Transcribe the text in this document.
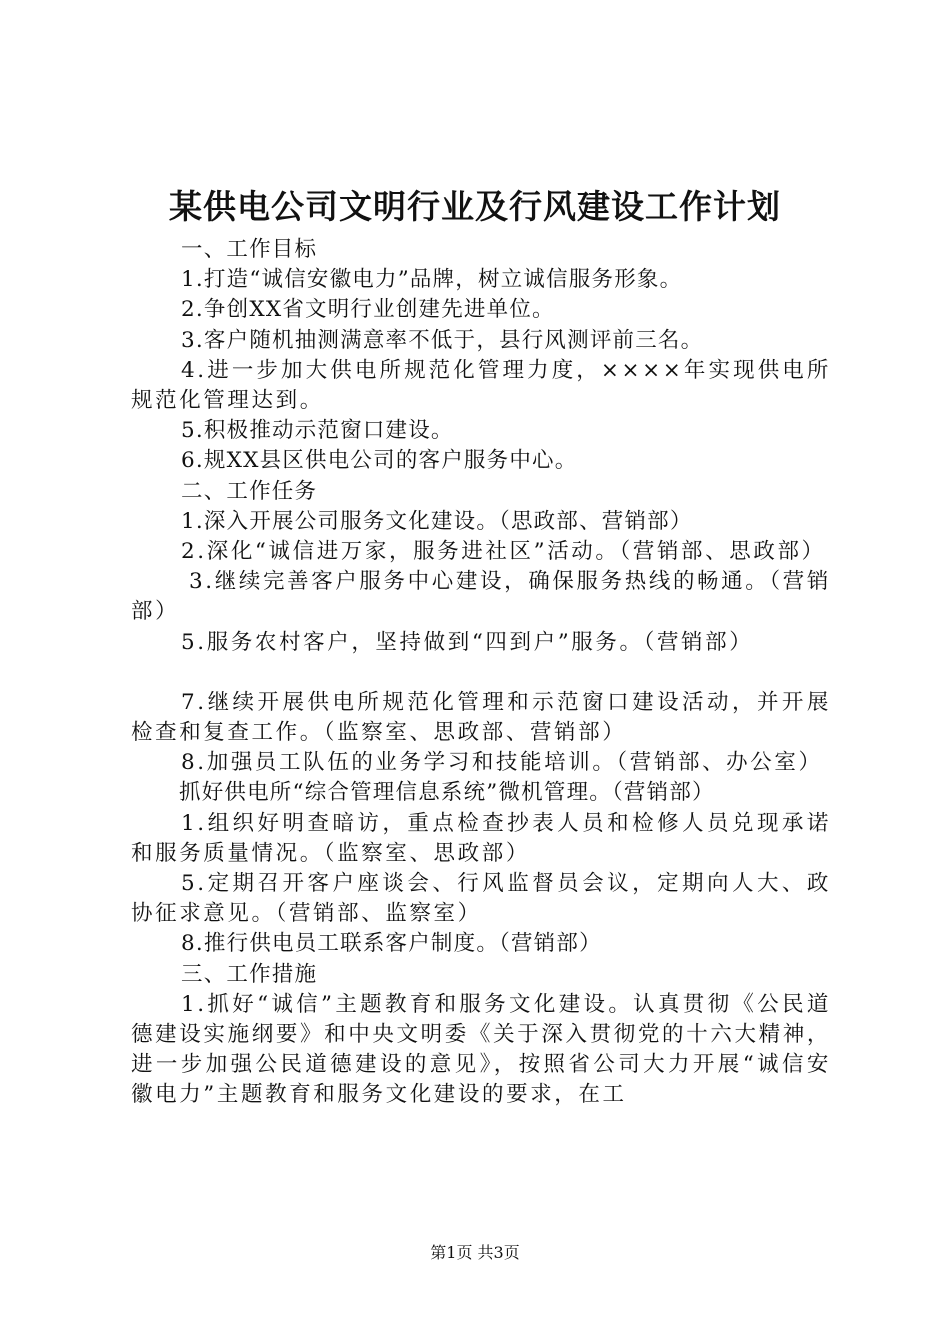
某供电公司文明行业及行风建设工作计划

一、工作目标

1.打造“诚信安徽电力”品牌，树立诚信服务形象。

2.争创XX省文明行业创建先进单位。

3.客户随机抽测满意率不低于，县行风测评前三名。

4.进一步加大供电所规范化管理力度，××××年实现供电所规范化管理达到。

5.积极推动示范窗口建设。

6.规XX县区供电公司的客户服务中心。

二、工作任务

1.深入开展公司服务文化建设。（思政部、营销部）

2.深化“诚信进万家，服务进社区”活动。（营销部、思政部）

3.继续完善客户服务中心建设，确保服务热线的畅通。（营销部）

5.服务农村客户，坚持做到“四到户”服务。（营销部）

7.继续开展供电所规范化管理和示范窗口建设活动，并开展检查和复查工作。（监察室、思政部、营销部）

8.加强员工队伍的业务学习和技能培训。（营销部、办公室）

抓好供电所“综合管理信息系统”微机管理。（营销部）

1.组织好明查暗访，重点检查抄表人员和检修人员兑现承诺和服务质量情况。（监察室、思政部）

5.定期召开客户座谈会、行风监督员会议，定期向人大、政协征求意见。（营销部、监察室）

8.推行供电员工联系客户制度。（营销部）

三、工作措施

1.抓好“诚信”主题教育和服务文化建设。认真贯彻《公民道德建设实施纲要》和中央文明委《关于深入贯彻党的十六大精神，进一步加强公民道德建设的意见》，按照省公司大力开展“诚信安徽电力”主题教育和服务文化建设的要求，在工

第1页 共3页
